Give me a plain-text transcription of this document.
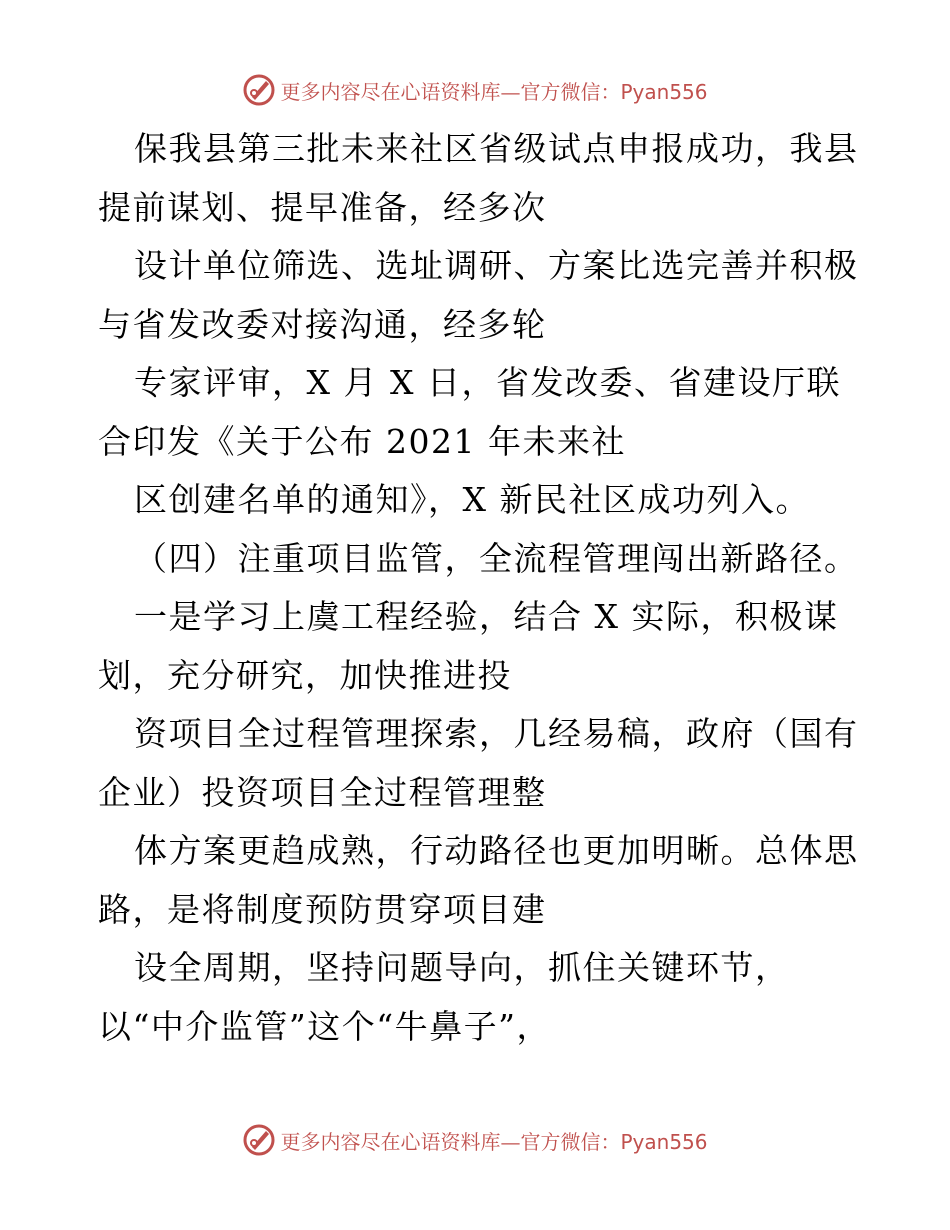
更多内容尽在心语资料库—官方微信：Pyan556
保我县第三批未来社区省级试点申报成功，我县
提前谋划、提早准备，经多次
设计单位筛选、选址调研、方案比选完善并积极
与省发改委对接沟通，经多轮
专家评审，X 月 X 日，省发改委、省建设厅联
合印发《关于公布 2021 年未来社
区创建名单的通知》，X 新民社区成功列入。
（四）注重项目监管，全流程管理闯出新路径。
一是学习上虞工程经验，结合 X 实际，积极谋
划，充分研究，加快推进投
资项目全过程管理探索，几经易稿，政府（国有
企业）投资项目全过程管理整
体方案更趋成熟，行动路径也更加明晰。总体思
路，是将制度预防贯穿项目建
设全周期，坚持问题导向，抓住关键环节，
以“中介监管”这个“牛鼻子”，
更多内容尽在心语资料库—官方微信：Pyan556
